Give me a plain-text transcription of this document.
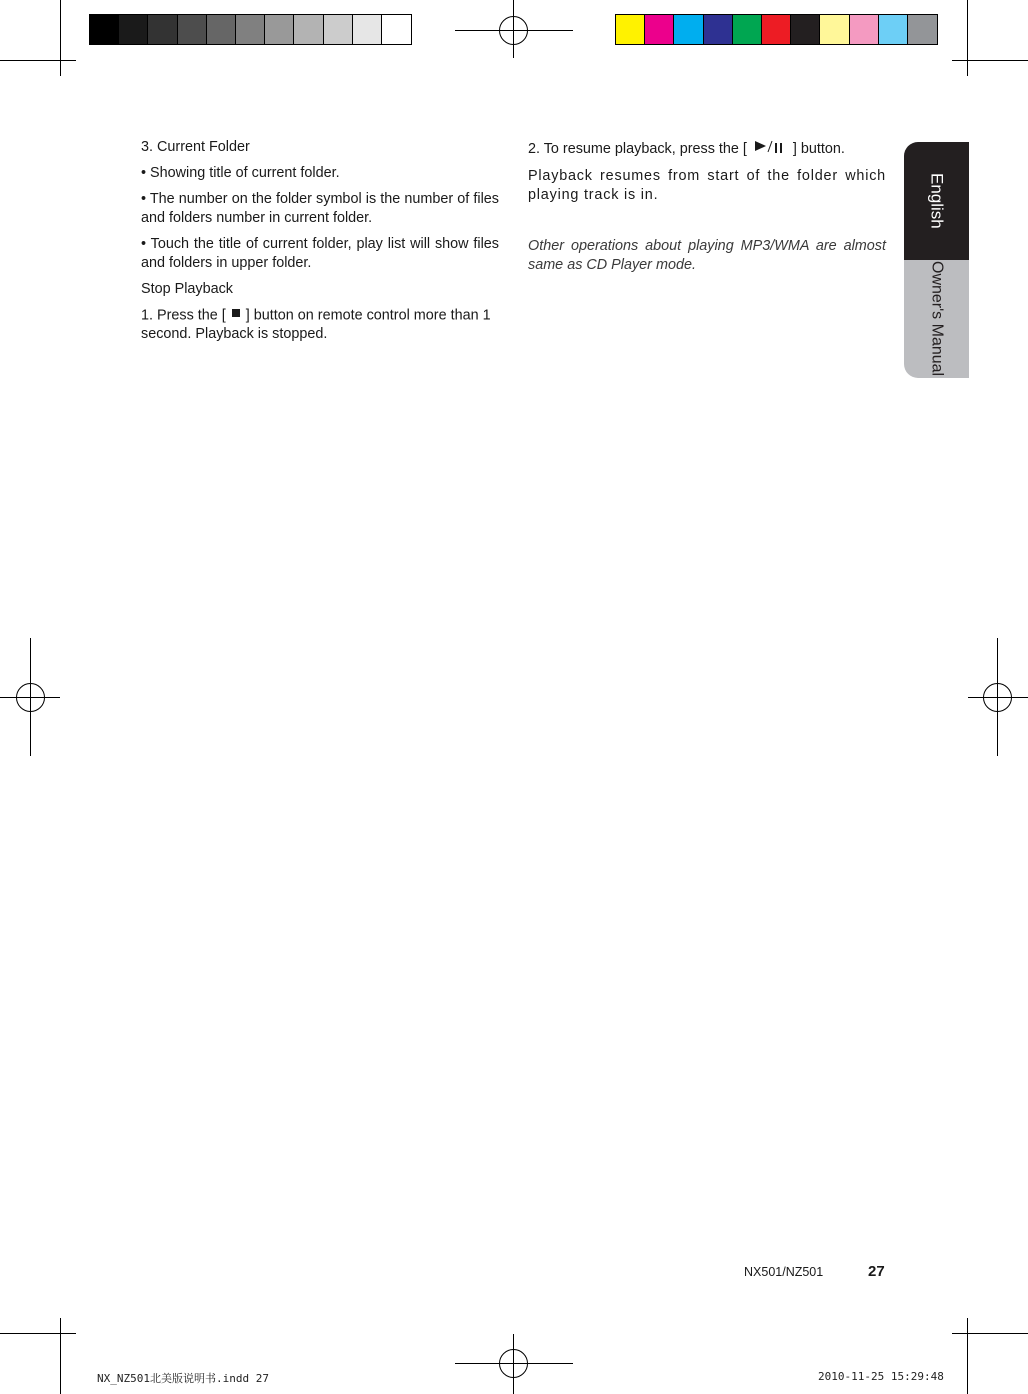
3. Current Folder

• Showing title of current folder.

• The number on the folder symbol is the number of files and folders number in current folder.

• Touch the title of current folder, play list will show files and folders in upper folder.

Stop Playback

1. Press the [ ] button on remote control more than 1 second. Playback is stopped.

2. To resume playback, press the [	] button.

Playback resumes from start of the folder which playing track is in.

Other operations about playing MP3/WMA are almost same as CD Player mode.

English
Owner's Manual
NX501/NZ501	27
NX_NZ501北美版说明书.indd 27	2010-11-25 15:29:48
